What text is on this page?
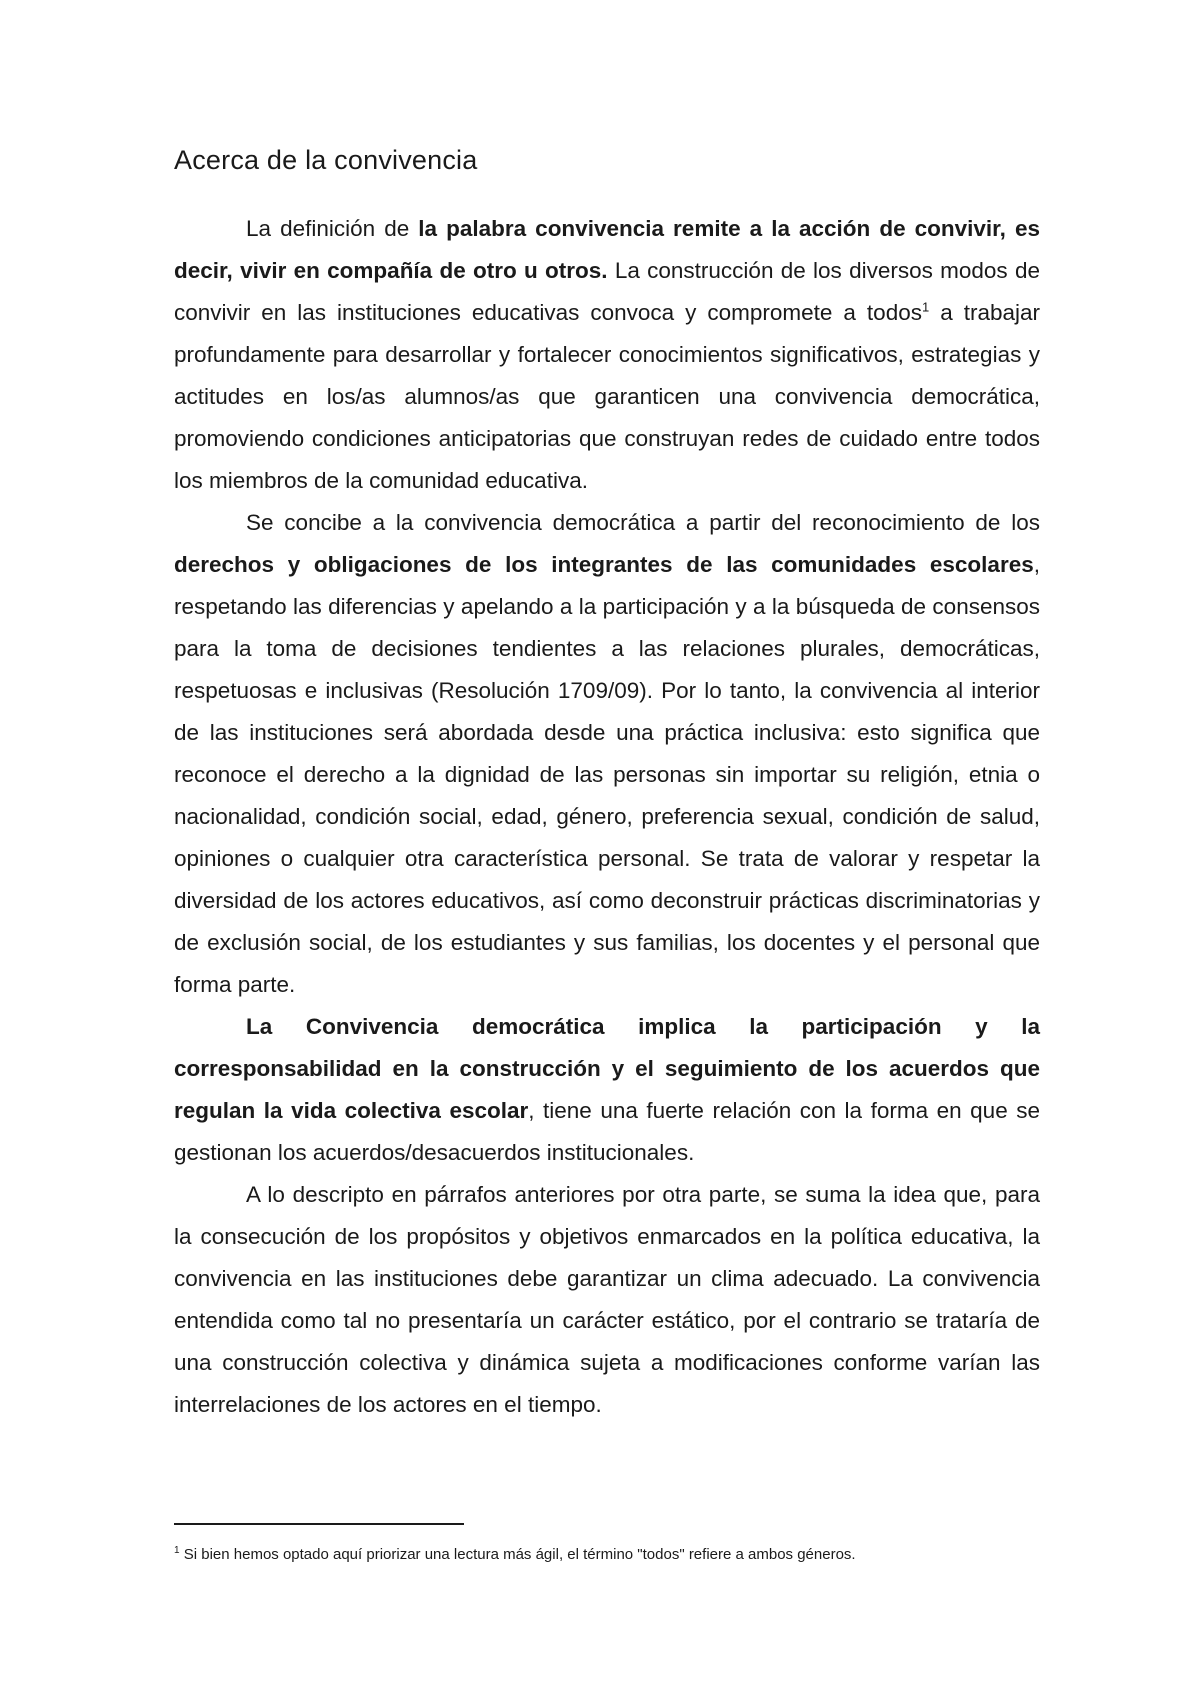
Acerca de la convivencia

La definición de la palabra convivencia remite a la acción de convivir, es decir, vivir en compañía de otro u otros. La construcción de los diversos modos de convivir en las instituciones educativas convoca y compromete a todos$^1$ a trabajar profundamente para desarrollar y fortalecer conocimientos significativos, estrategias y actitudes en los/as alumnos/as que garanticen una convivencia democrática, promoviendo condiciones anticipatorias que construyan redes de cuidado entre todos los miembros de la comunidad educativa.

Se concibe a la convivencia democrática a partir del reconocimiento de los derechos y obligaciones de los integrantes de las comunidades escolares, respetando las diferencias y apelando a la participación y a la búsqueda de consensos para la toma de decisiones tendientes a las relaciones plurales, democráticas, respetuosas e inclusivas (Resolución 1709/09). Por lo tanto, la convivencia al interior de las instituciones será abordada desde una práctica inclusiva: esto significa que reconoce el derecho a la dignidad de las personas sin importar su religión, etnia o nacionalidad, condición social, edad, género, preferencia sexual, condición de salud, opiniones o cualquier otra característica personal. Se trata de valorar y respetar la diversidad de los actores educativos, así como deconstruir prácticas discriminatorias y de exclusión social, de los estudiantes y sus familias, los docentes y el personal que forma parte.

La Convivencia democrática implica la participación y la corresponsabilidad en la construcción y el seguimiento de los acuerdos que regulan la vida colectiva escolar, tiene una fuerte relación con la forma en que se gestionan los acuerdos/desacuerdos institucionales.

A lo descripto en párrafos anteriores por otra parte, se suma la idea que, para la consecución de los propósitos y objetivos enmarcados en la política educativa, la convivencia en las instituciones debe garantizar un clima adecuado. La convivencia entendida como tal no presentaría un carácter estático, por el contrario se trataría de una construcción colectiva y dinámica sujeta a modificaciones conforme varían las interrelaciones de los actores en el tiempo.

$^1$ Si bien hemos optado aquí priorizar una lectura más ágil, el término "todos" refiere a ambos géneros.
